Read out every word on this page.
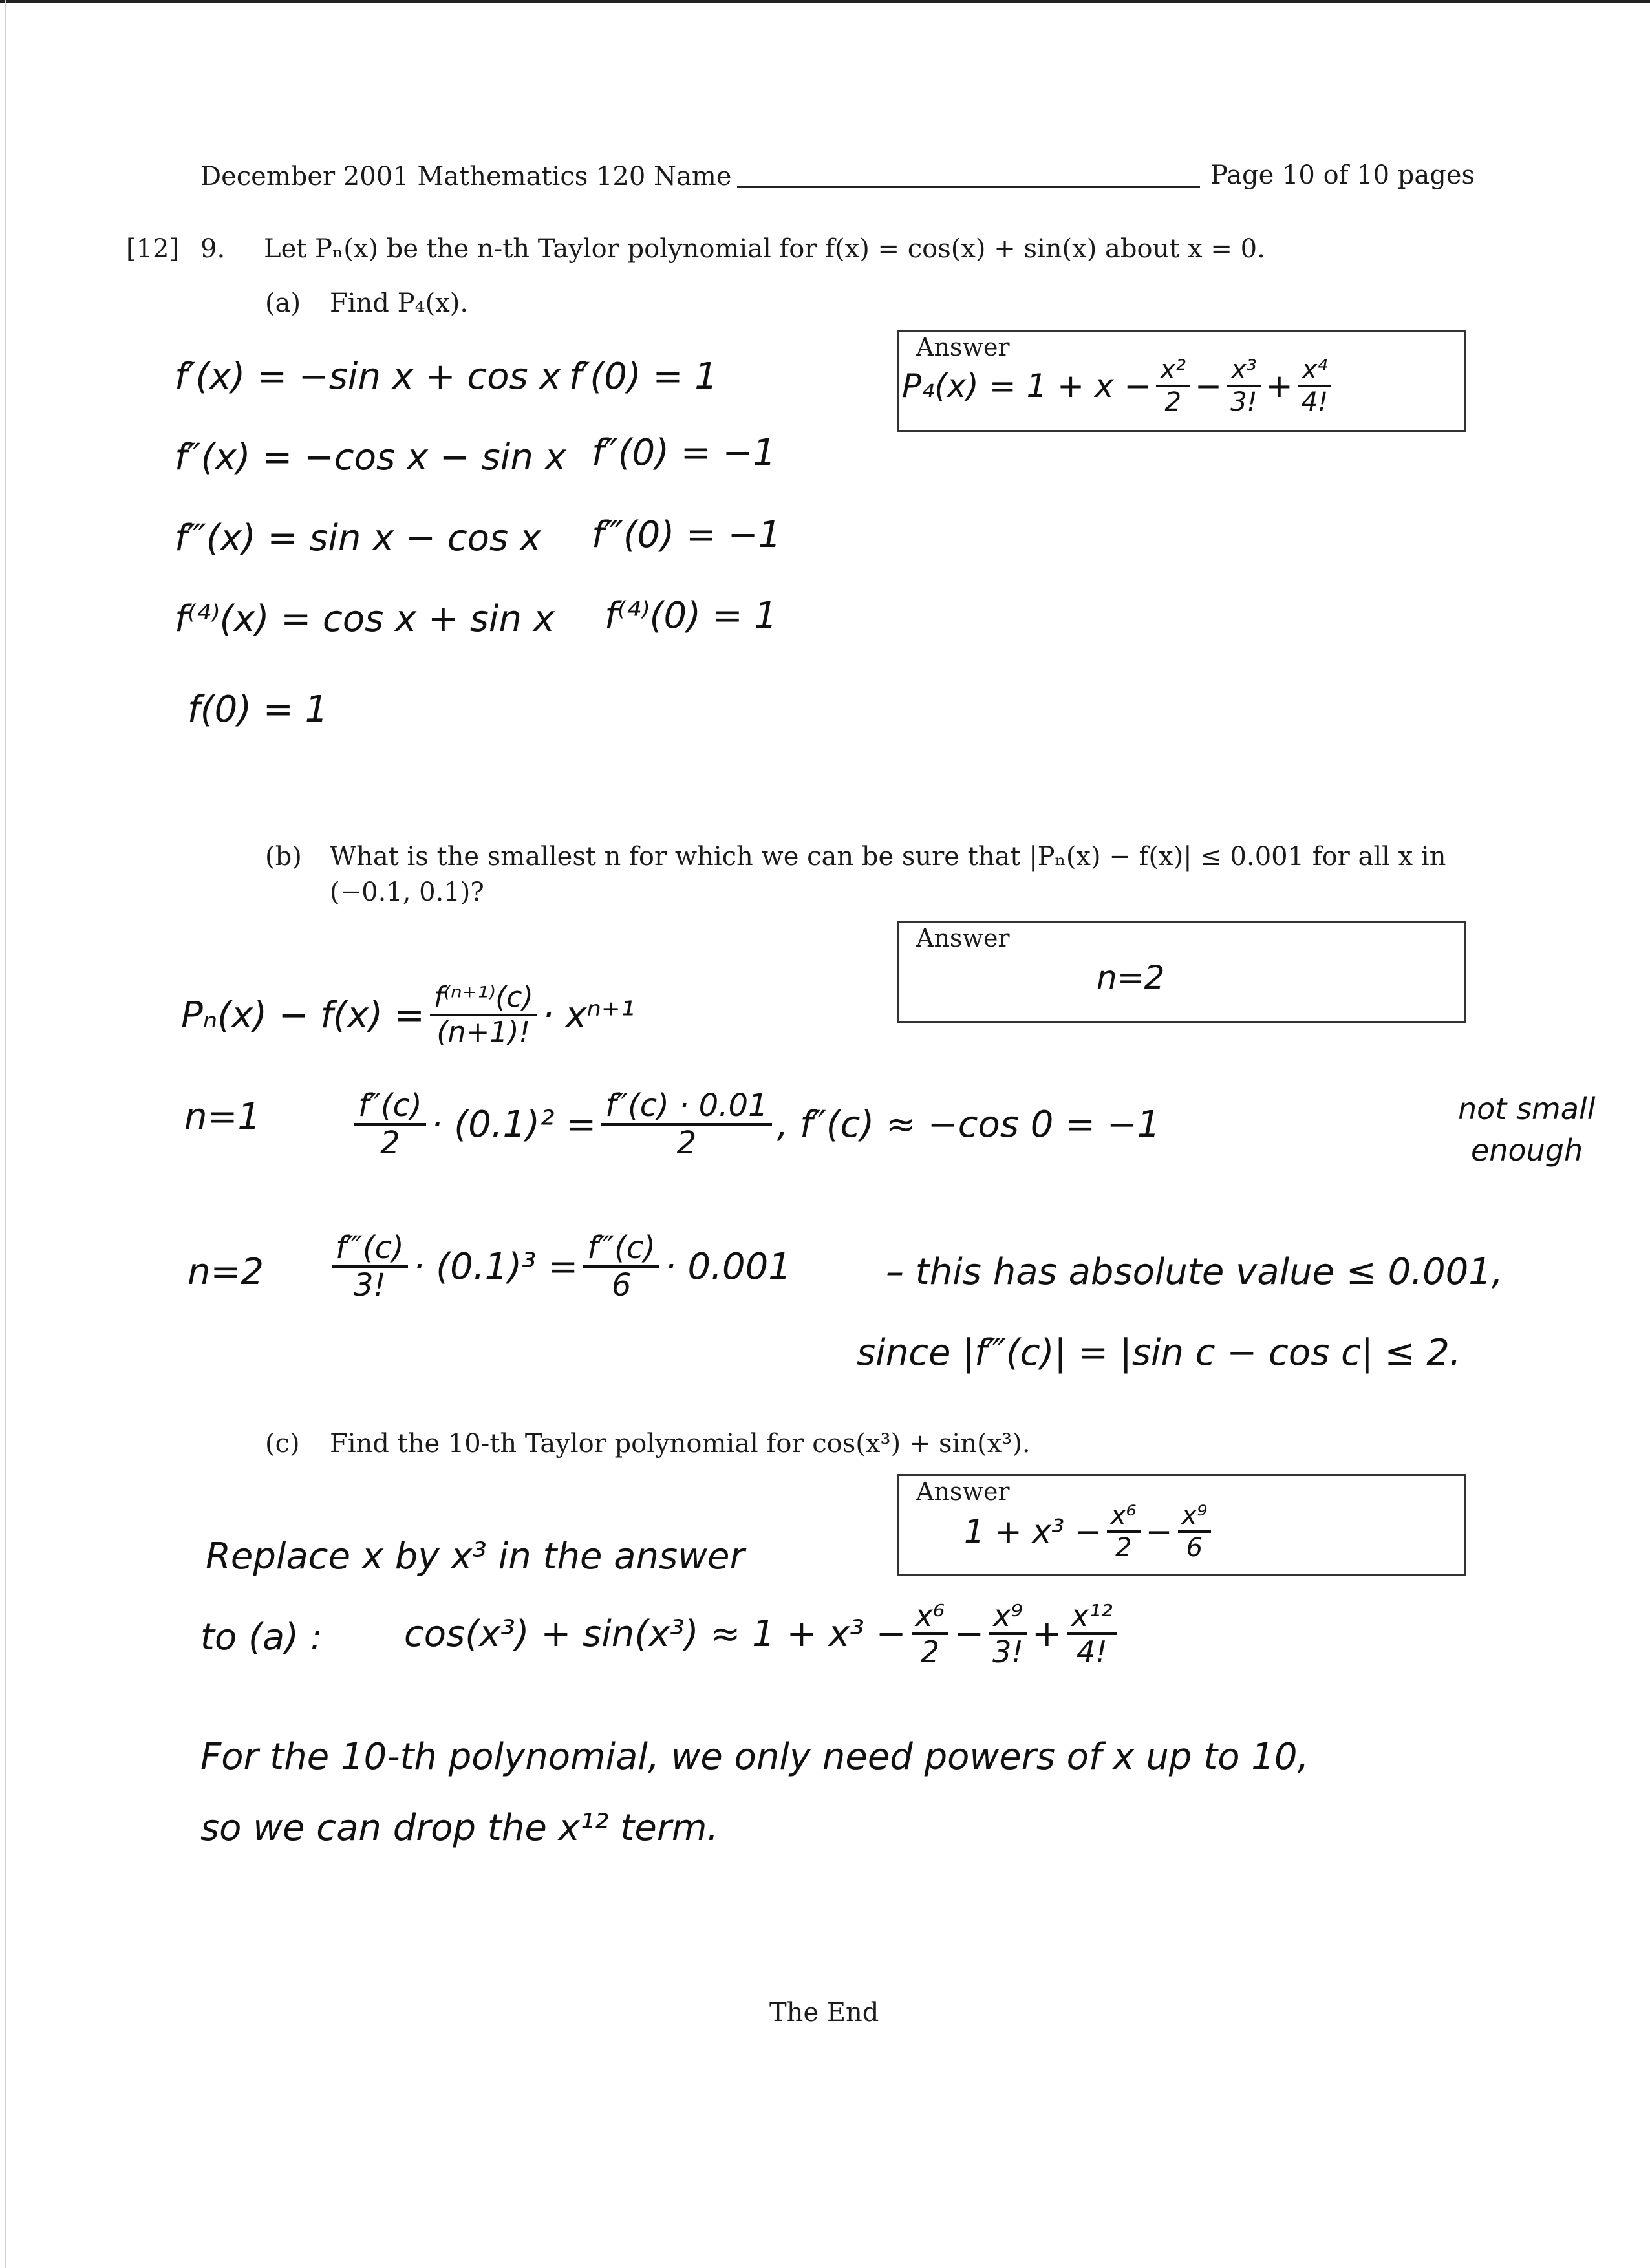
December 2001 Mathematics 120 Name	Page 10 of 10 pages
[12] 9. Let Pₙ(x) be the n-th Taylor polynomial for f(x) = cos(x) + sin(x) about x = 0.
(a) Find P₄(x).
Answer
$P_4(x) = 1 + x - \frac{\text{x²}}{2} - \frac{\text{x³}}{3!} + \frac{\text{x⁴}}{4!}$
f′(x) = −sin x + cos x f′(0) = 1
f″(x) = −cos x − sin x f″(0) = −1
f‴(x) = sin x − cos x f‴(0) = −1
f⁽⁴⁾(x) = cos x + sin x f⁽⁴⁾(0) = 1
f(0) = 1
(b) What is the smallest n for which we can be sure that |Pₙ(x) − f(x)| ≤ 0.001 for all x in
(−0.1, 0.1)?
Answer
n=2
$P_n(x) - f(x) = \frac{\text{f⁽ⁿ⁺¹⁾(c)}}{(n+1)!} \cdot x^{n+1}$
n=1	$\frac{f''(c)}{2} \cdot (0.1)^2 = \frac{f''(c) \cdot 0.01}{2}$ , f″(c) ≈ −cos 0 = −1	not small
enough
$n=2 \frac{f‴(c)}{3!} \cdot (0.1)^3 = \frac{f‴(c)}{6} \cdot 0.001$	– this has absolute value ≤ 0.001,
since |f‴(c)| = |sin c − cos c| ≤ 2.
(c) Find the 10-th Taylor polynomial for cos(x³) + sin(x³).
Answer
$1 + x^3 - \frac{\text{x⁶}}{2} - \frac{\text{x⁹}}{6}$
Replace x by x³ in the answer
to (a) : $\cos(x^3) + \sin(x^3) \approx 1 + x^3 - \frac{\text{x⁶}}{2} - \frac{\text{x⁹}}{3!} + \frac{\text{x¹²}}{4!}$
For the 10-th polynomial, we only need powers of x up to 10,
so we can drop the x¹² term.
The End
